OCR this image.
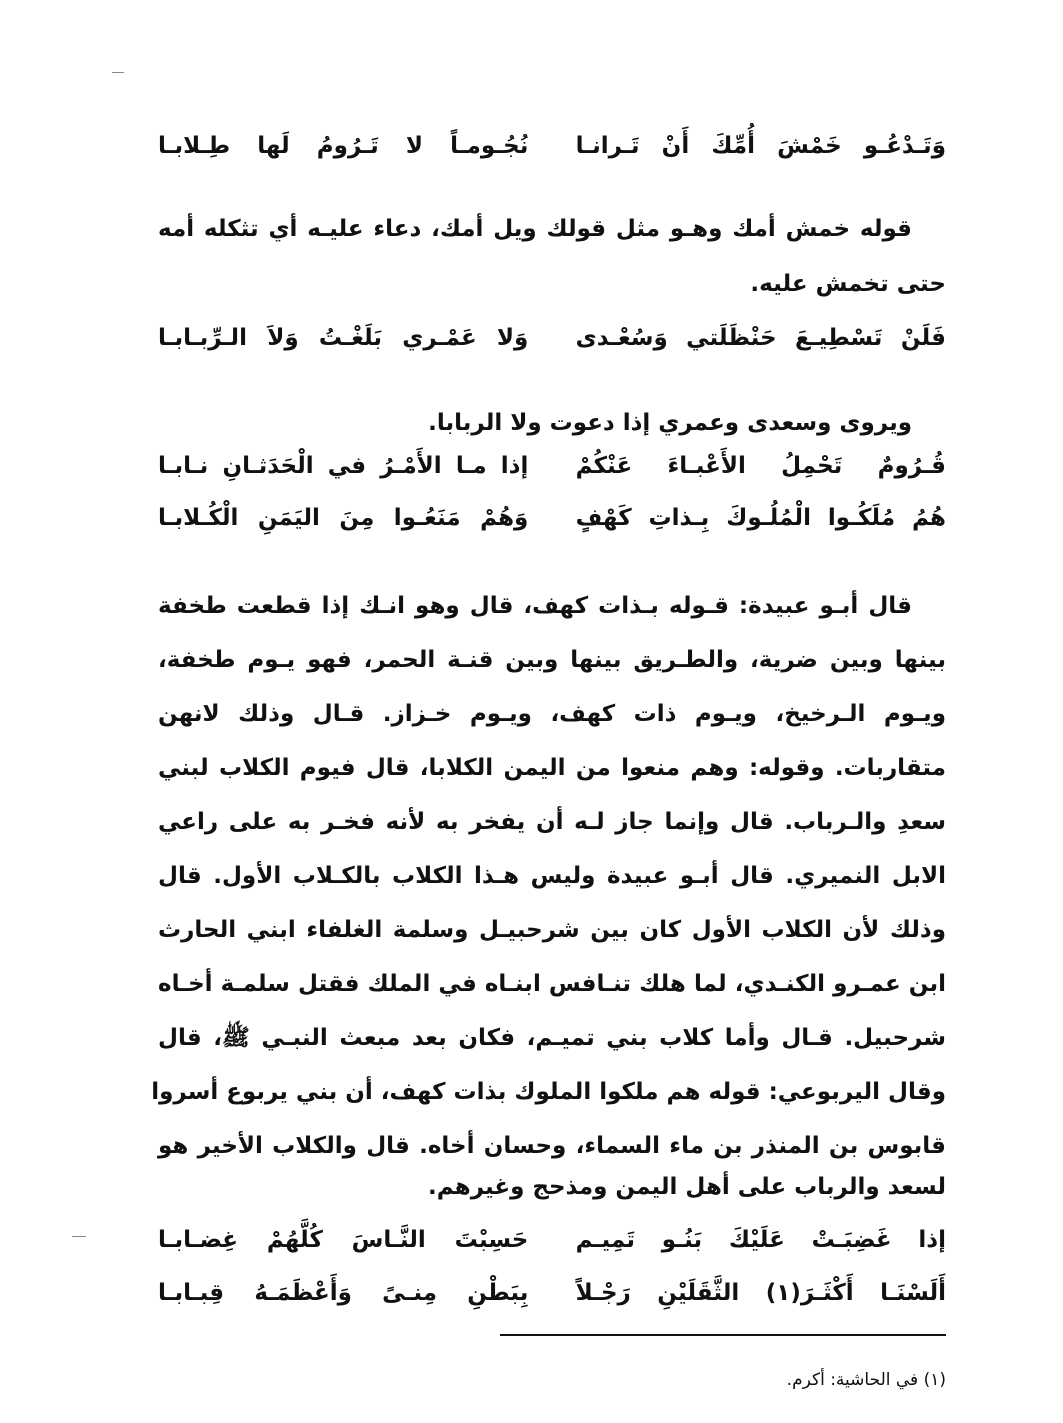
وَتَـدْعُـو خَمْشَ أُمِّكَ أَنْ تَـرانـا
نُجُـومـاً لا تَـرُومُ لَها طِـلابـا
قوله خمش أمك وهـو مثل قولك ويل أمك، دعاء عليـه أي تثكله أمه
حتى تخمش عليه.
فَلَنْ تَسْطِيـعَ حَنْظَلَتي وَسُعْـدى
وَلا عَمْـري بَلَغْـتُ وَلاَ الـرِّبـابـا
ويروى وسعدى وعمري إذا دعوت ولا الربابا.
قُـرُومٌ تَحْمِلُ الأَعْبـاءَ عَنْكُمْ
إذا مـا الأَمْـرُ في الْحَدَثـانِ نـابـا
هُمُ مُلَكُـوا الْمُلُـوكَ بِـذاتِ كَهْفٍ
وَهُمْ مَنَعُـوا مِنَ اليَمَنِ الْكُـلابـا
قال أبـو عبيدة: قـوله بـذات كهف، قال وهو انـك إذا قطعت طخفة
بينها وبين ضرية، والطـريق بينها وبين قنـة الحمر، فهو يـوم طخفة،
ويـوم الـرخيخ، ويـوم ذات كهف، ويـوم خـزاز. قـال وذلك لانهن
متقاربات. وقوله: وهم منعوا من اليمن الكلابا، قال فيوم الكلاب لبني
سعدِ والـرباب. قال وإنما جاز لـه أن يفخر به لأنه فخـر به على راعي
الابل النميري. قال أبـو عبيدة وليس هـذا الكلاب بالكـلاب الأول. قال
وذلك لأن الكلاب الأول كان بين شرحبيـل وسلمة الغلفاء ابني الحارث
ابن عمـرو الكنـدي، لما هلك تنـافس ابنـاه في الملك فقتل سلمـة أخـاه
شرحبيل. قـال وأما كلاب بني تميـم، فكان بعد مبعث النبـي ﷺ، قال
وقال اليربوعي: قوله هم ملكوا الملوك بذات كهف، أن بني يربوع أسروا
قابوس بن المنذر بن ماء السماء، وحسان أخاه. قال والكلاب الأخير هو
لسعد والرباب على أهل اليمن ومذحج وغيرهم.
إذا غَضِبَـتْ عَلَيْكَ بَنُـو تَمِيـم
حَسِبْتَ النَّـاسَ كُلَّهُمْ غِضـابـا
أَلَسْنَـا أَكْثَـرَ(١) الثَّقَلَيْنِ رَجْـلاً
بِبَطْنِ مِنـىً وَأَعْظَمَـهُ قِبـابـا
(١) في الحاشية: أكرم.
